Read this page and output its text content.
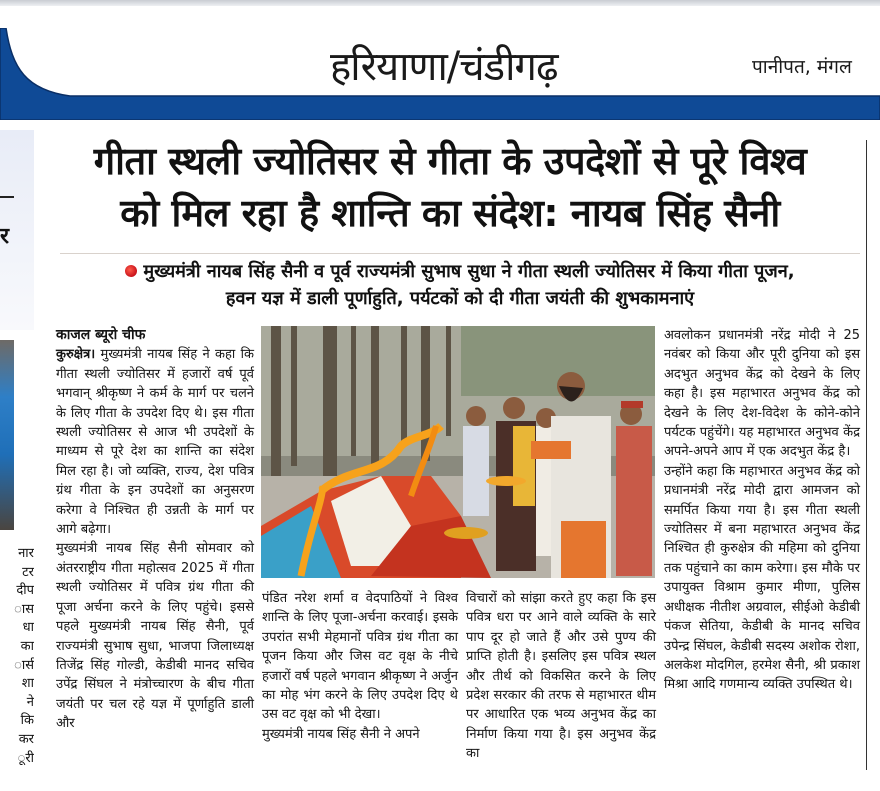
हरियाणा/चंडीगढ़	पानीपत, मंगल
र
नार
टर
दीप
ास
धा
का
ार्स
शा
ने
कि
कर
ूरी
गीता स्थली ज्योतिसर से गीता के उपदेशों से पूरे विश्व
को मिल रहा है शान्ति का संदेश: नायब सिंह सैनी
मुख्यमंत्री नायब सिंह सैनी व पूर्व राज्यमंत्री सुभाष सुधा ने गीता स्थली ज्योतिसर में किया गीता पूजन,
हवन यज्ञ में डाली पूर्णाहुति, पर्यटकों को दी गीता जयंती की शुभकामनाएं
काजल ब्यूरो चीफ

कुरुक्षेत्र। मुख्यमंत्री नायब सिंह ने कहा कि गीता स्थली ज्योतिसर में हजारों वर्ष पूर्व भगवान् श्रीकृष्ण ने कर्म के मार्ग पर चलने के लिए गीता के उपदेश दिए थे। इस गीता स्थली ज्योतिसर से आज भी उपदेशों के माध्यम से पूरे देश का शान्ति का संदेश मिल रहा है। जो व्यक्ति, राज्य, देश पवित्र ग्रंथ गीता के इन उपदेशों का अनुसरण करेगा वे निश्चित ही उन्नती के मार्ग पर आगे बढ़ेगा।

मुख्यमंत्री नायब सिंह सैनी सोमवार को अंतरराष्ट्रीय गीता महोत्सव 2025 में गीता स्थली ज्योतिसर में पवित्र ग्रंथ गीता की पूजा अर्चना करने के लिए पहुंचे। इससे पहले मुख्यमंत्री नायब सिंह सैनी, पूर्व राज्यमंत्री सुभाष सुधा, भाजपा जिलाध्यक्ष तिजेंद्र सिंह गोल्डी, केडीबी मानद सचिव उपेंद्र सिंघल ने मंत्रोच्चारण के बीच गीता जयंती पर चल रहे यज्ञ में पूर्णाहुति डाली और

पंडित नरेश शर्मा व वेदपाठियों ने विश्व शान्ति के लिए पूजा-अर्चना करवाई। इसके उपरांत सभी मेहमानों पवित्र ग्रंथ गीता का पूजन किया और जिस वट वृक्ष के नीचे हजारों वर्ष पहले भगवान श्रीकृष्ण ने अर्जुन का मोह भंग करने के लिए उपदेश दिए थे उस वट वृक्ष को भी देखा।

मुख्यमंत्री नायब सिंह सैनी ने अपने

विचारों को सांझा करते हुए कहा कि इस पवित्र धरा पर आने वाले व्यक्ति के सारे पाप दूर हो जाते हैं और उसे पुण्य की प्राप्ति होती है। इसलिए इस पवित्र स्थल और तीर्थ को विकसित करने के लिए प्रदेश सरकार की तरफ से महाभारत थीम पर आधारित एक भव्य अनुभव केंद्र का निर्माण किया गया है। इस अनुभव केंद्र का

अवलोकन प्रधानमंत्री नरेंद्र मोदी ने 25 नवंबर को किया और पूरी दुनिया को इस अदभुत अनुभव केंद्र को देखने के लिए कहा है। इस महाभारत अनुभव केंद्र को देखने के लिए देश-विदेश के कोने-कोने पर्यटक पहुंचेंगे। यह महाभारत अनुभव केंद्र अपने-अपने आप में एक अदभुत केंद्र है।

उन्होंने कहा कि महाभारत अनुभव केंद्र को प्रधानमंत्री नरेंद्र मोदी द्वारा आमजन को समर्पित किया गया है। इस गीता स्थली ज्योतिसर में बना महाभारत अनुभव केंद्र निश्चित ही कुरुक्षेत्र की महिमा को दुनिया तक पहुंचाने का काम करेगा। इस मौके पर उपायुक्त विश्राम कुमार मीणा, पुलिस अधीक्षक नीतीश अग्रवाल, सीईओ केडीबी पंकज सेतिया, केडीबी के मानद सचिव उपेन्द्र सिंघल, केडीबी सदस्य अशोक रोशा, अलकेश मोदगिल, हरमेश सैनी, श्री प्रकाश मिश्रा आदि गणमान्य व्यक्ति उपस्थित थे।
